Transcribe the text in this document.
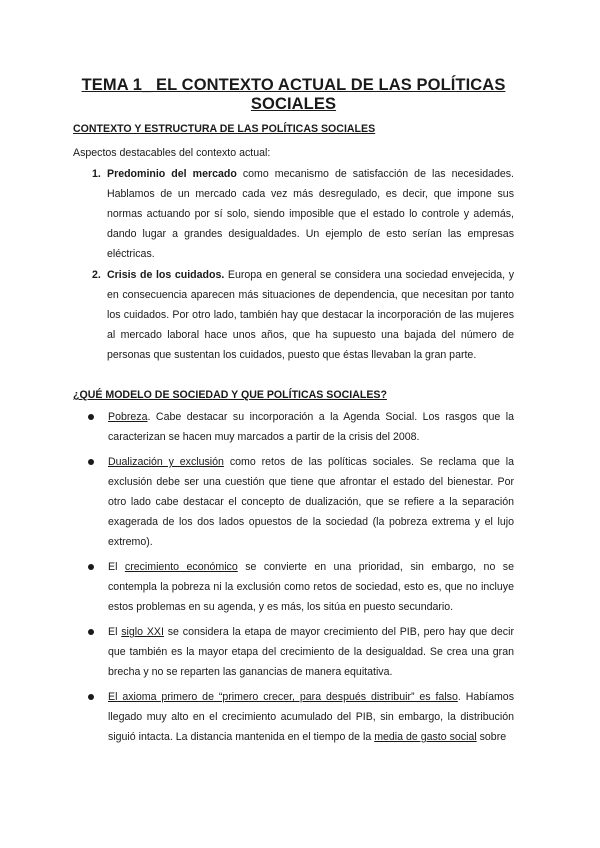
TEMA 1_ EL CONTEXTO ACTUAL DE LAS POLÍTICAS SOCIALES
CONTEXTO Y ESTRUCTURA DE LAS POLÍTICAS SOCIALES
Aspectos destacables del contexto actual:
1. Predominio del mercado como mecanismo de satisfacción de las necesidades. Hablamos de un mercado cada vez más desregulado, es decir, que impone sus normas actuando por sí solo, siendo imposible que el estado lo controle y además, dando lugar a grandes desigualdades. Un ejemplo de esto serían las empresas eléctricas.
2. Crisis de los cuidados. Europa en general se considera una sociedad envejecida, y en consecuencia aparecen más situaciones de dependencia, que necesitan por tanto los cuidados. Por otro lado, también hay que destacar la incorporación de las mujeres al mercado laboral hace unos años, que ha supuesto una bajada del número de personas que sustentan los cuidados, puesto que éstas llevaban la gran parte.
¿QUÉ MODELO DE SOCIEDAD Y QUE POLÍTICAS SOCIALES?
Pobreza. Cabe destacar su incorporación a la Agenda Social. Los rasgos que la caracterizan se hacen muy marcados a partir de la crisis del 2008.
Dualización y exclusión como retos de las políticas sociales. Se reclama que la exclusión debe ser una cuestión que tiene que afrontar el estado del bienestar. Por otro lado cabe destacar el concepto de dualización, que se refiere a la separación exagerada de los dos lados opuestos de la sociedad (la pobreza extrema y el lujo extremo).
El crecimiento económico se convierte en una prioridad, sin embargo, no se contempla la pobreza ni la exclusión como retos de sociedad, esto es, que no incluye estos problemas en su agenda, y es más, los sitúa en puesto secundario.
El siglo XXI se considera la etapa de mayor crecimiento del PIB, pero hay que decir que también es la mayor etapa del crecimiento de la desigualdad. Se crea una gran brecha y no se reparten las ganancias de manera equitativa.
El axioma primero de “primero crecer, para después distribuir” es falso. Habíamos llegado muy alto en el crecimiento acumulado del PIB, sin embargo, la distribución siguió intacta. La distancia mantenida en el tiempo de la media de gasto social sobre
